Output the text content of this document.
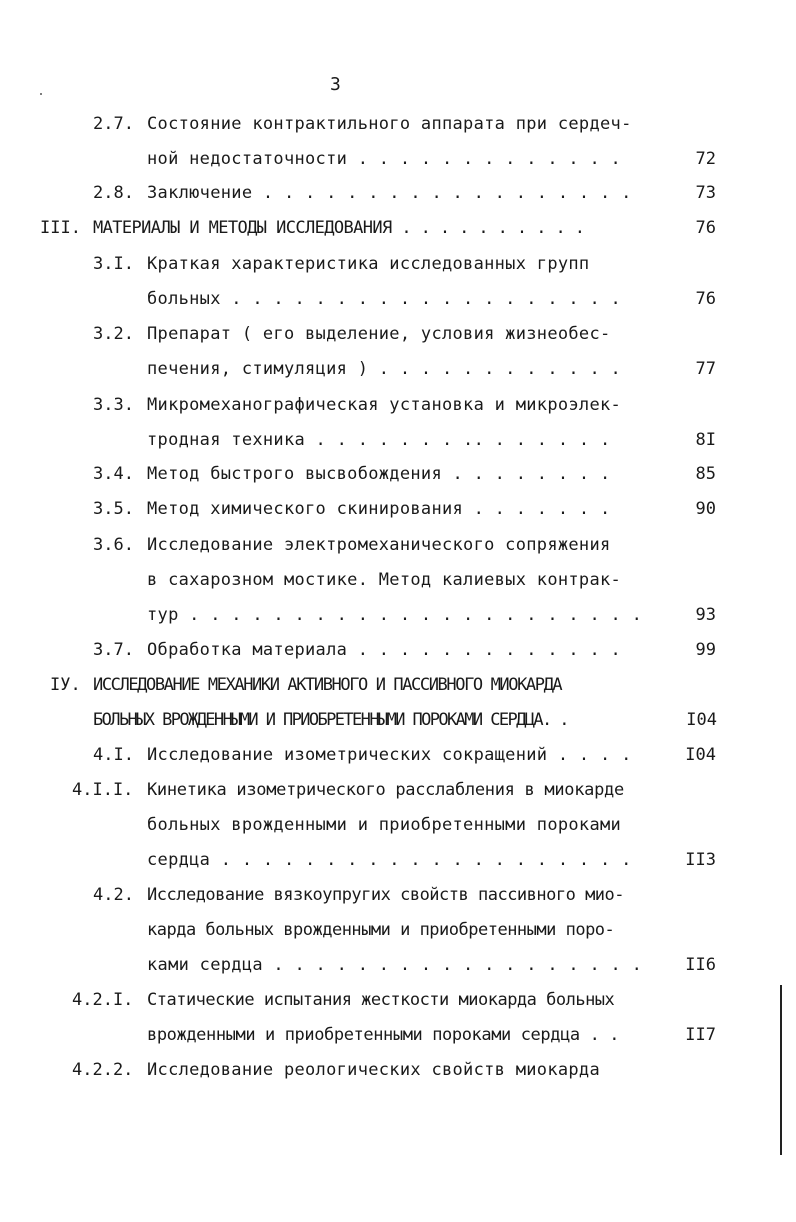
3
2.7. Состояние контрактильного аппарата при сердеч-
ной недостаточности . . . . . . . . . . . . .	72
2.8. Заключение . . . . . . . . . . . . . . . . . .	73
III. МАТЕРИАЛЫ И МЕТОДЫ ИССЛЕДОВАНИЯ . . . . . . . . . .	76
3.I. Краткая характеристика исследованных групп
больных . . . . . . . . . . . . . . . . . . .	76
3.2. Препарат ( его выделение, условия жизнеобес-
печения, стимуляция ) . . . . . . . . . . . .	77
3.3. Микромеханографическая установка и микроэлек-
тродная техника . . . . . . . .. . . . . . .	8I
3.4. Метод быстрого высвобождения . . . . . . . .	85
3.5. Метод химического скинирования . . . . . . .	90
3.6. Исследование электромеханического сопряжения
в сахарозном мостике. Метод калиевых контрак-
тур . . . . . . . . . . . . . . . . . . . . . .	93
3.7. Обработка материала . . . . . . . . . . . . .	99
IУ. ИССЛЕДОВАНИЕ МЕХАНИКИ АКТИВНОГО И ПАССИВНОГО МИОКАРДА
БОЛЬНЫХ ВРОЖДЕННЫМИ И ПРИОБРЕТЕННЫМИ ПОРОКАМИ СЕРДЦА. .	I04
4.I. Исследование изометрических сокращений . . . .	I04
4.I.I. Кинетика изометрического расслабления в миокарде
больных врожденными и приобретенными пороками
сердца . . . . . . . . . . . . . . . . . . . .	II3
4.2. Исследование вязкоупругих свойств пассивного мио-
карда больных врожденными и приобретенными поро-
ками сердца . . . . . . . . . . . . . . . . . .	II6
4.2.I. Статические испытания жесткости миокарда больных
врожденными и приобретенными пороками сердца . .	II7
4.2.2. Исследование реологических свойств миокарда
